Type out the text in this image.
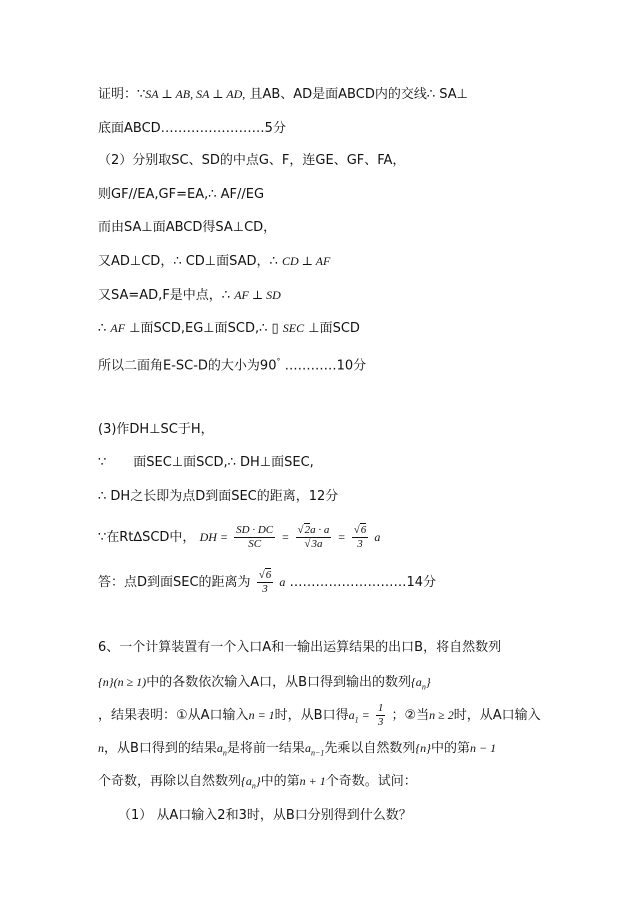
证明：∵SA ⊥ AB, SA ⊥ AD, 且AB、AD是面ABCD内的交线∴ SA⊥
底面ABCD……………………5分
（2）分别取SC、SD的中点G、F，连GE、GF、FA，
则GF//EA,GF=EA,∴ AF//EG
而由SA⊥面ABCD得SA⊥CD，
又AD⊥CD，∴ CD⊥面SAD，∴ CD ⊥ AF
又SA=AD,F是中点，∴ AF ⊥ SD
∴ AF ⊥面SCD,EG⊥面SCD,∴ ▯ SEC ⊥面SCD
所以二面角E-SC-D的大小为90° …………10分
(3)作DH⊥SC于H，
∵ 面SEC⊥面SCD,∴ DH⊥面SEC,
∴ DH之长即为点D到面SEC的距离，12分
∵在Rt∆SCD中， DH = $\frac{SD \cdot DC}{SC} = \frac{√2a \cdot a}{√3a} = \frac{√6}{3}$ a
答：点D到面SEC的距离为 $\frac{√6}{3}$ a ………………………14分
6、一个计算装置有一个入口A和一输出运算结果的出口B，将自然数列
{n}(n ≥ 1)中的各数依次输入A口，从B口得到输出的数列$\{a_n\}$
，结果表明：①从A口输入n = 1时，从B口得$a_1 = \frac{1}{3}$ ；②当n ≥ 2时，从A口输入
n，从B口得到的结果$a_n$是将前一结果$a_{n-1}$先乘以自然数列{n}中的第n − 1
个奇数，再除以自然数列$\{a_n\}$中的第n + 1个奇数。试问：
（1） 从A口输入2和3时，从B口分别得到什么数？
